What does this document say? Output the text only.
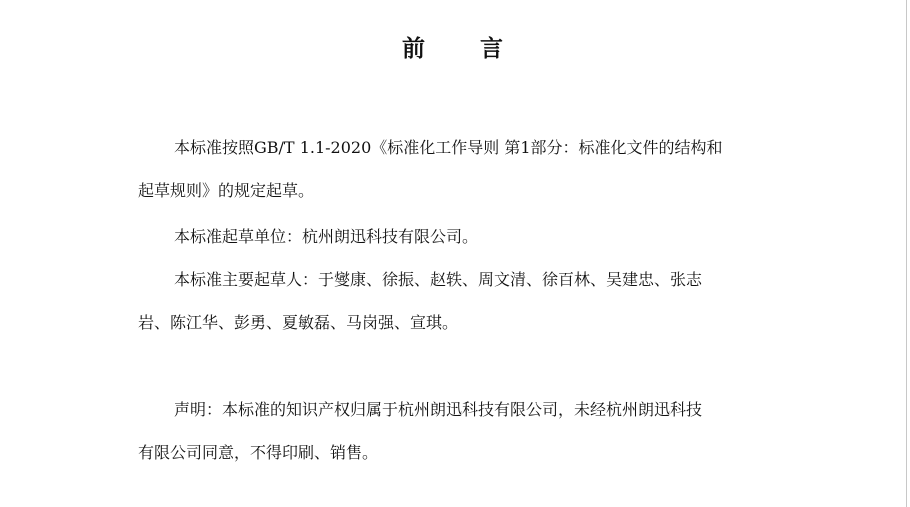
前 言
本标准按照GB/T 1.1-2020《标准化工作导则 第1部分：标准化文件的结构和
起草规则》的规定起草。
本标准起草单位：杭州朗迅科技有限公司。
本标准主要起草人：于燮康、徐振、赵轶、周文清、徐百林、吴建忠、张志
岩、陈江华、彭勇、夏敏磊、马岗强、宣琪。
声明：本标准的知识产权归属于杭州朗迅科技有限公司，未经杭州朗迅科技
有限公司同意，不得印刷、销售。
